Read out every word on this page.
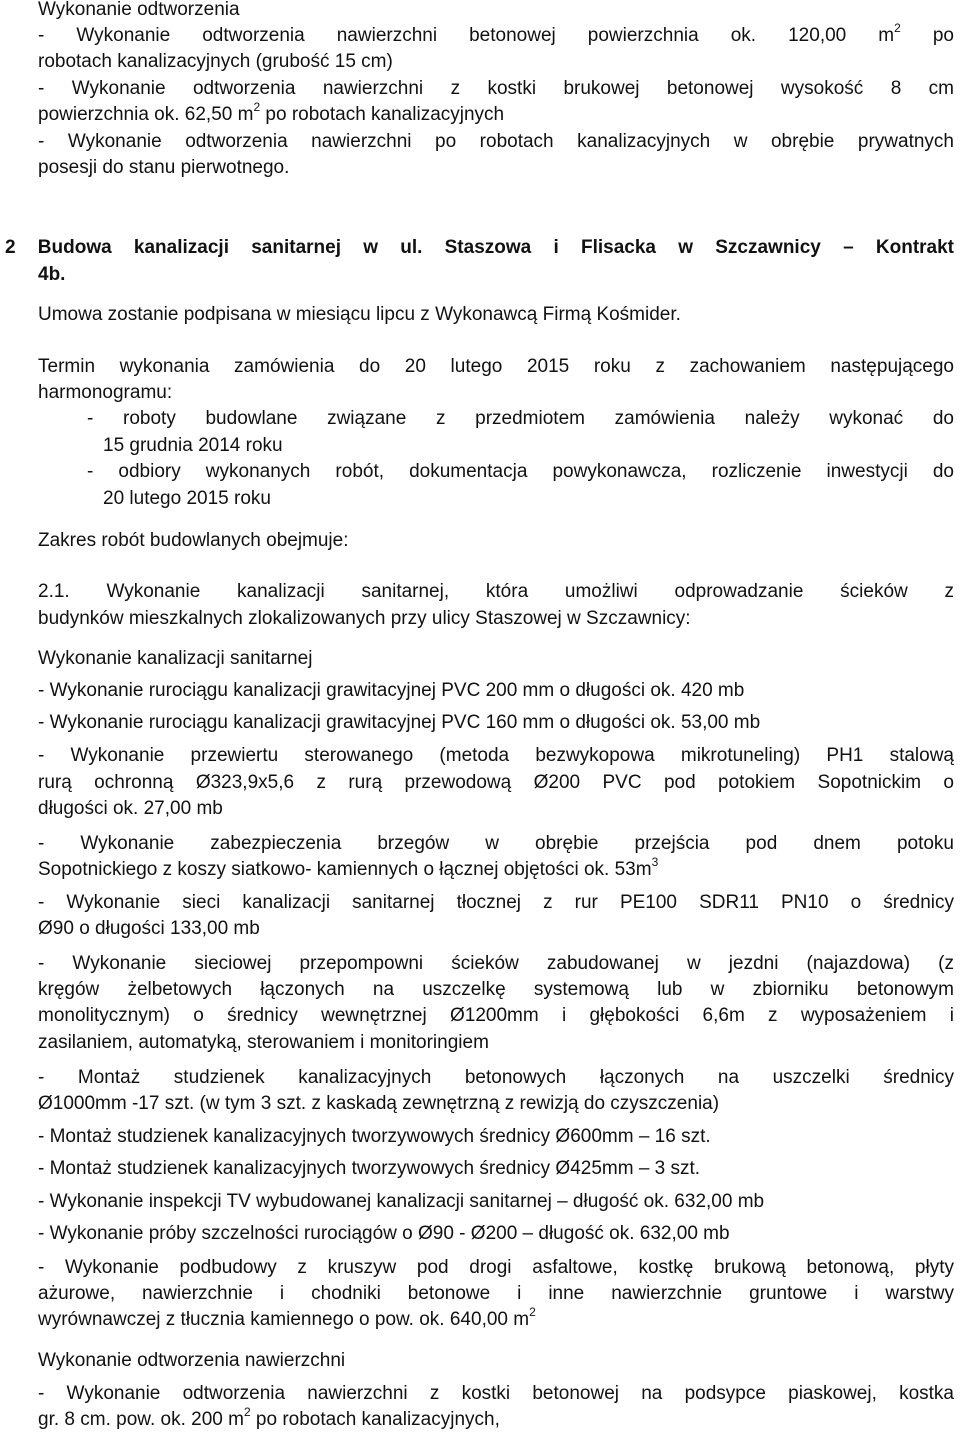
Wykonanie odtworzenia
- Wykonanie odtworzenia nawierzchni betonowej powierzchnia ok. 120,00 $m^2$ po
robotach kanalizacyjnych (grubość 15 cm)
- Wykonanie odtworzenia nawierzchni z kostki brukowej betonowej wysokość 8 cm
powierzchnia ok. 62,50 $m^2$ po robotach kanalizacyjnych
- Wykonanie odtworzenia nawierzchni po robotach kanalizacyjnych w obrębie prywatnych
posesji do stanu pierwotnego.
2 Budowa kanalizacji sanitarnej w ul. Staszowa i Flisacka w Szczawnicy – Kontrakt
4b.
Umowa zostanie podpisana w miesiącu lipcu z Wykonawcą Firmą Kośmider.
Termin wykonania zamówienia do 20 lutego 2015 roku z zachowaniem następującego
harmonogramu:
- roboty budowlane związane z przedmiotem zamówienia należy wykonać do
15 grudnia 2014 roku
- odbiory wykonanych robót, dokumentacja powykonawcza, rozliczenie inwestycji do
20 lutego 2015 roku
Zakres robót budowlanych obejmuje:
2.1. Wykonanie kanalizacji sanitarnej, która umożliwi odprowadzanie ścieków z
budynków mieszkalnych zlokalizowanych przy ulicy Staszowej w Szczawnicy:
Wykonanie kanalizacji sanitarnej
- Wykonanie rurociągu kanalizacji grawitacyjnej PVC 200 mm o długości ok. 420 mb
- Wykonanie rurociągu kanalizacji grawitacyjnej PVC 160 mm o długości ok. 53,00 mb
- Wykonanie przewiertu sterowanego (metoda bezwykopowa mikrotuneling) PH1 stalową
rurą ochronną Ø323,9x5,6 z rurą przewodową Ø200 PVC pod potokiem Sopotnickim o
długości ok. 27,00 mb
- Wykonanie zabezpieczenia brzegów w obrębie przejścia pod dnem potoku
Sopotnickiego z koszy siatkowo- kamiennych o łącznej objętości ok. $53m^3$
- Wykonanie sieci kanalizacji sanitarnej tłocznej z rur PE100 SDR11 PN10 o średnicy
Ø90 o długości 133,00 mb
- Wykonanie sieciowej przepompowni ścieków zabudowanej w jezdni (najazdowa) (z
kręgów żelbetowych łączonych na uszczelkę systemową lub w zbiorniku betonowym
monolitycznym) o średnicy wewnętrznej Ø1200mm i głębokości 6,6m z wyposażeniem i
zasilaniem, automatyką, sterowaniem i monitoringiem
- Montaż studzienek kanalizacyjnych betonowych łączonych na uszczelki średnicy
Ø1000mm -17 szt. (w tym 3 szt. z kaskadą zewnętrzną z rewizją do czyszczenia)
- Montaż studzienek kanalizacyjnych tworzywowych średnicy Ø600mm – 16 szt.
- Montaż studzienek kanalizacyjnych tworzywowych średnicy Ø425mm – 3 szt.
- Wykonanie inspekcji TV wybudowanej kanalizacji sanitarnej – długość ok. 632,00 mb
- Wykonanie próby szczelności rurociągów o Ø90 - Ø200 – długość ok. 632,00 mb
- Wykonanie podbudowy z kruszyw pod drogi asfaltowe, kostkę brukową betonową, płyty
ażurowe, nawierzchnie i chodniki betonowe i inne nawierzchnie gruntowe i warstwy
wyrównawczej z tłucznia kamiennego o pow. ok. 640,00 $m^2$
Wykonanie odtworzenia nawierzchni
- Wykonanie odtworzenia nawierzchni z kostki betonowej na podsypce piaskowej, kostka
gr. 8 cm. pow. ok. 200 $m^2$ po robotach kanalizacyjnych,
